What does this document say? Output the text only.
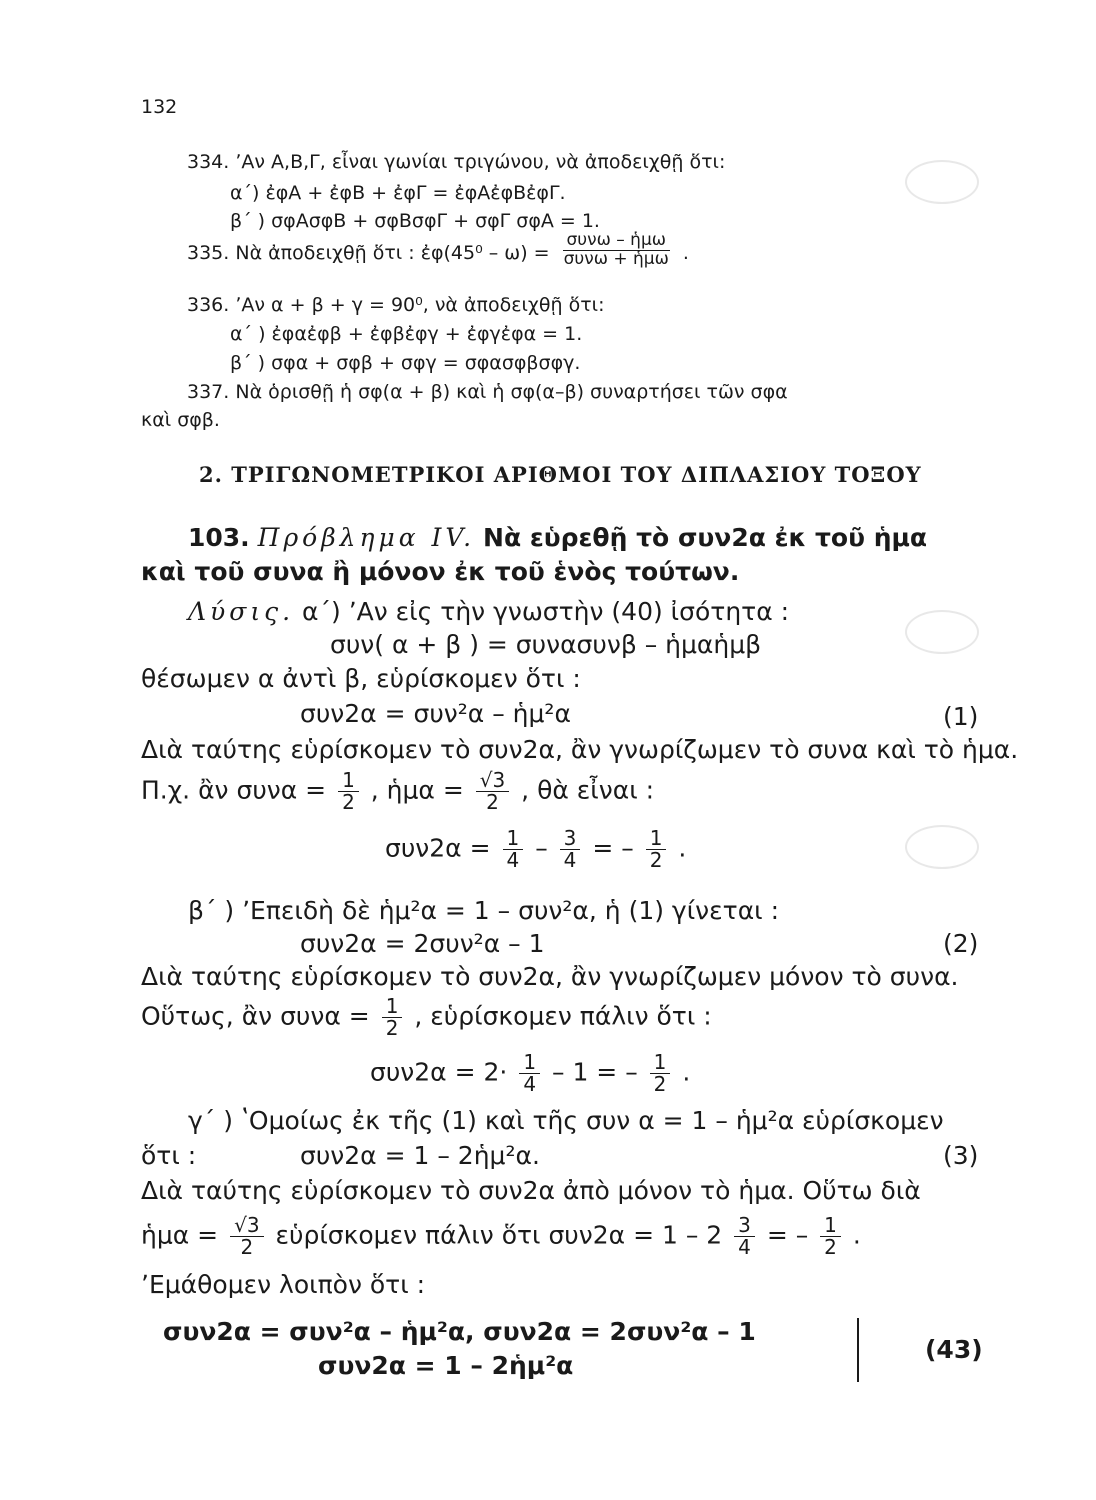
132
334. ʼΑν Α,Β,Γ, εἶναι γωνίαι τριγώνου, νὰ ἀποδειχθῇ ὅτι:
α΄) ἐφΑ + ἐφΒ + ἐφΓ = ἐφΑἐφΒἐφΓ.
β΄ ) σφΑσφΒ + σφΒσφΓ + σφΓ σφΑ = 1.
335. Νὰ ἀποδειχθῇ ὅτι : ἐφ(45⁰ – $\omega) = \frac{\text{συνω – ἡμω}}{\text{συνω + ἡμω}}$ .
336. ʼΑν α + β + γ = 90⁰, νὰ ἀποδειχθῇ ὅτι:
α΄ ) ἐφαἐφβ + ἐφβἐφγ + ἐφγἐφα = 1.
β΄ ) σφα + σφβ + σφγ = σφασφβσφγ.
337. Νὰ ὁρισθῇ ἡ σφ(α + β) καὶ ἡ σφ(α–β) συναρτήσει τῶν σφα
καὶ σφβ.
2. ΤΡΙΓΩΝΟΜΕΤΡΙΚΟΙ ΑΡΙΘΜΟΙ ΤΟΥ ΔΙΠΛΑΣΙΟΥ ΤΟΞΟΥ
103. Πρόβλημα IV. Νὰ εὑρεθῇ τὸ συν2α ἐκ τοῦ ἡμα
καὶ τοῦ συνα ἢ μόνον ἐκ τοῦ ἑνὸς τούτων.
Λύσις. α΄) ʼΑν εἰς τὴν γνωστὴν (40) ἰσότητα :
συν( α + β ) = συνασυνβ – ἡμαἡμβ
θέσωμεν α ἀντὶ β, εὑρίσκομεν ὅτι :
συν2α = συν²α – ἡμ²α	(1)
Διὰ ταύτης εὑρίσκομεν τὸ συν2α, ἂν γνωρίζωμεν τὸ συνα καὶ τὸ ἡμα.
Π.χ. ἂν $\sigma\upsilon\nu\alpha = \frac{1}{2}$ , ἡμα = $\frac{√3}{2}$ , θὰ εἶναι :
$\sigma\upsilon\nu 2\alpha = \frac{1}{4} - \frac{3}{4}$ = – $\frac{1}{2}$ .
β΄ ) ʼΕπειδὴ δὲ ἡμ²α = 1 – συν²α, ἡ (1) γίνεται :
συν2α = 2συν²α – 1	(2)
Διὰ ταύτης εὑρίσκομεν τὸ συν2α, ἂν γνωρίζωμεν μόνον τὸ συνα.
Οὕτως, ἂν $\sigma\upsilon\nu\alpha = \frac{1}{2}$ , εὑρίσκομεν πάλιν ὅτι :
$\sigma\upsilon\nu 2\alpha = 2\cdot \frac{1}{4} - 1$ = – $\frac{1}{2}$ .
γ΄ ) ʽΟμοίως ἐκ τῆς (1) καὶ τῆς συν α = 1 – ἡμ²α εὑρίσκομεν
ὅτι :	συν2α = 1 – 2ἡμ²α.	(3)
Διὰ ταύτης εὑρίσκομεν τὸ συν2α ἀπὸ μόνον τὸ ἡμα. Οὕτω διὰ
ἡμα = $\frac{√3}{2}$ εὑρίσκομεν πάλιν ὅτι $\sigma\upsilon\nu 2\alpha = 1 - 2 \frac{3}{4}$ = – $\frac{1}{2}$ .
ʼΕμάθομεν λοιπὸν ὅτι :
συν2α = συν²α – ἡμ²α, συν2α = 2συν²α – 1
συν2α = 1 – 2ἡμ²α
(43)
